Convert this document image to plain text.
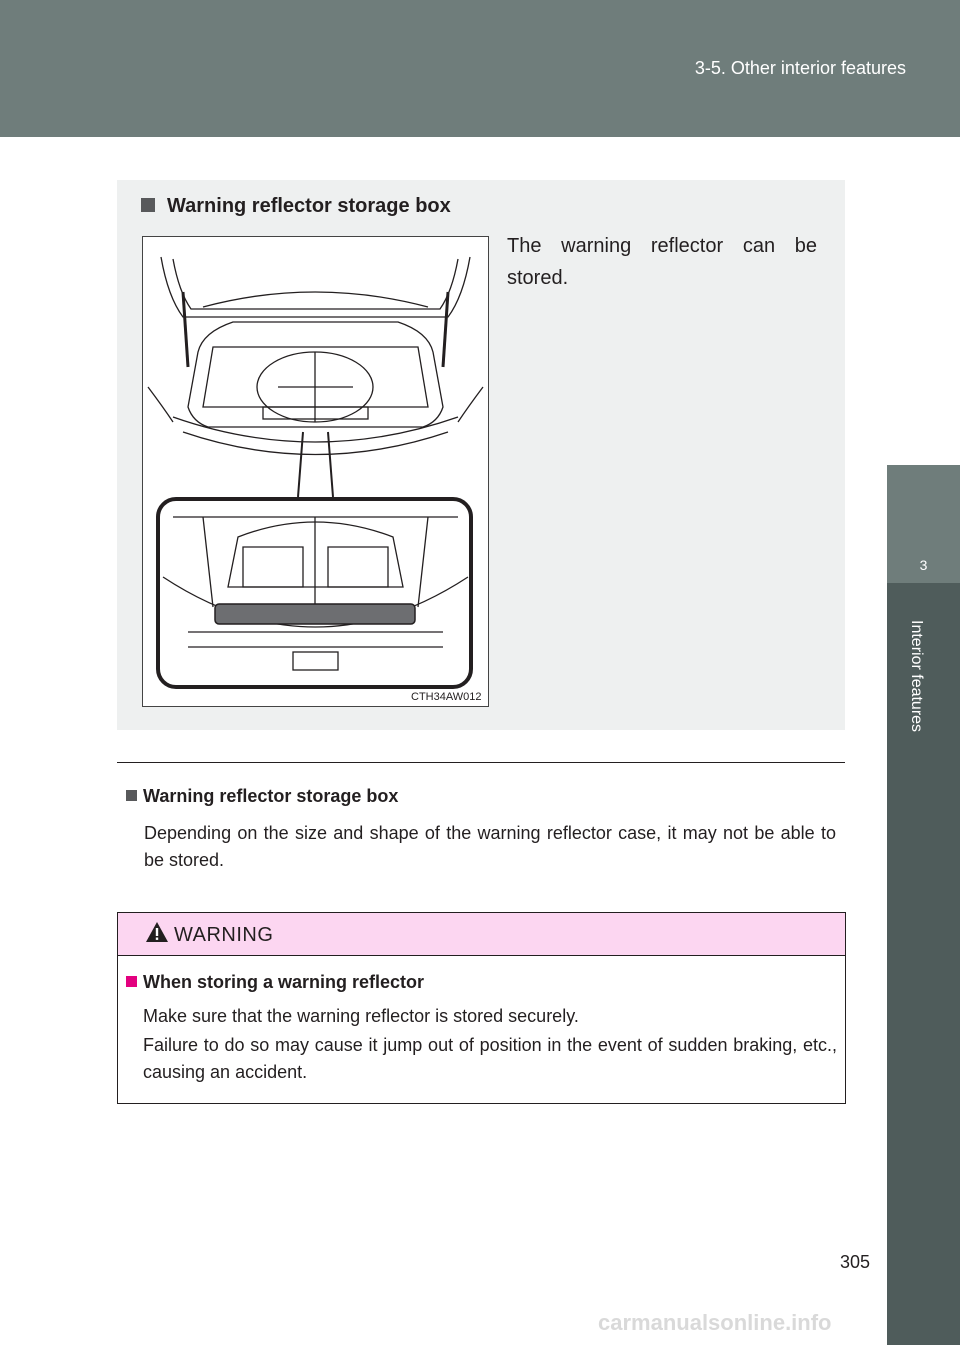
3-5. Other interior features
3
Interior features
Warning reflector storage box
The warning reflector can be stored.
CTH34AW012
Warning reflector storage box
Depending on the size and shape of the warning reflector case, it may not be able to be stored.
WARNING
When storing a warning reflector
Make sure that the warning reflector is stored securely.
Failure to do so may cause it jump out of position in the event of sudden braking, etc., causing an accident.
305
carmanualsonline.info
